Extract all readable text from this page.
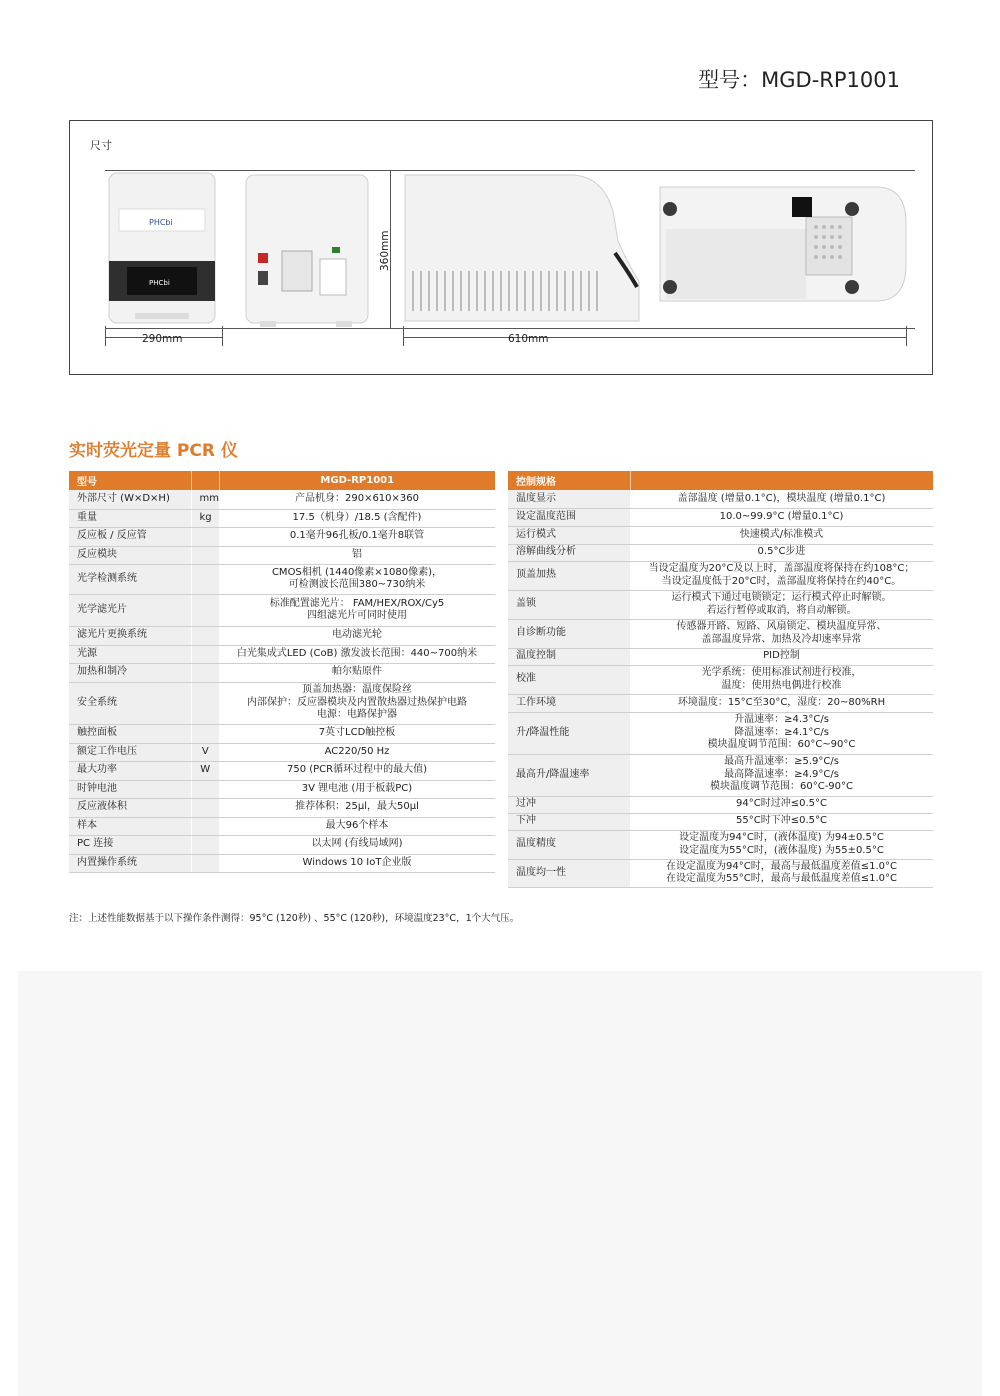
型号：MGD-RP1001
尺寸
290mm	610mm
360mm
PHCbi
PHCbi
实时荧光定量 PCR 仪
型号		MGD-RP1001
外部尺寸 (W×D×H)	mm	产品机身：290×610×360
重量	kg	17.5（机身）/18.5 (含配件)
反应板 / 反应管		0.1毫升96孔板/0.1毫升8联管
反应模块		铝
光学检测系统		CMOS相机 (1440像素×1080像素)，
可检测波长范围380~730纳米
光学滤光片		标准配置滤光片： FAM/HEX/ROX/Cy5
四组滤光片可同时使用
滤光片更换系统		电动滤光轮
光源		白光集成式LED (CoB) 激发波长范围：440~700纳米
加热和制冷		帕尔贴原件
安全系统		顶盖加热器：温度保险丝
内部保护：反应器模块及内置散热器过热保护电路
电源：电路保护器
触控面板		7英寸LCD触控板
额定工作电压	V	AC220/50 Hz
最大功率	W	750 (PCR循环过程中的最大值)
时钟电池		3V 锂电池 (用于板载PC)
反应液体积		推荐体积：25μl，最大50μl
样本		最大96个样本
PC 连接		以太网 (有线局域网)
内置操作系统		Windows 10 IoT企业版
控制规格	
温度显示	盖部温度 (增量0.1°C)，模块温度 (增量0.1°C)
设定温度范围	10.0~99.9°C (增量0.1°C)
运行模式	快速模式/标准模式
溶解曲线分析	0.5°C步进
顶盖加热	当设定温度为20°C及以上时，盖部温度将保持在约108°C；
当设定温度低于20°C时，盖部温度将保持在约40°C。
盖锁	运行模式下通过电锁锁定；运行模式停止时解锁。
若运行暂停或取消，将自动解锁。
自诊断功能	传感器开路、短路、风扇锁定、模块温度异常、
盖部温度异常、加热及冷却速率异常
温度控制	PID控制
校准	光学系统：使用标准试剂进行校准，
温度：使用热电偶进行校准
工作环境	环境温度：15°C至30°C，湿度：20~80%RH
升/降温性能	升温速率：≥4.3°C/s
降温速率：≥4.1°C/s
模块温度调节范围：60°C~90°C
最高升/降温速率	最高升温速率：≥5.9°C/s
最高降温速率：≥4.9°C/s
模块温度调节范围：60°C-90°C
过冲	94°C时过冲≤0.5°C
下冲	55°C时下冲≤0.5°C
温度精度	设定温度为94°C时，(液体温度) 为94±0.5°C
设定温度为55°C时，(液体温度) 为55±0.5°C
温度均一性	在设定温度为94°C时，最高与最低温度差值≤1.0°C
在设定温度为55°C时，最高与最低温度差值≤1.0°C
注：上述性能数据基于以下操作条件测得：95°C (120秒) 、55°C (120秒)，环境温度23°C，1个大气压。
